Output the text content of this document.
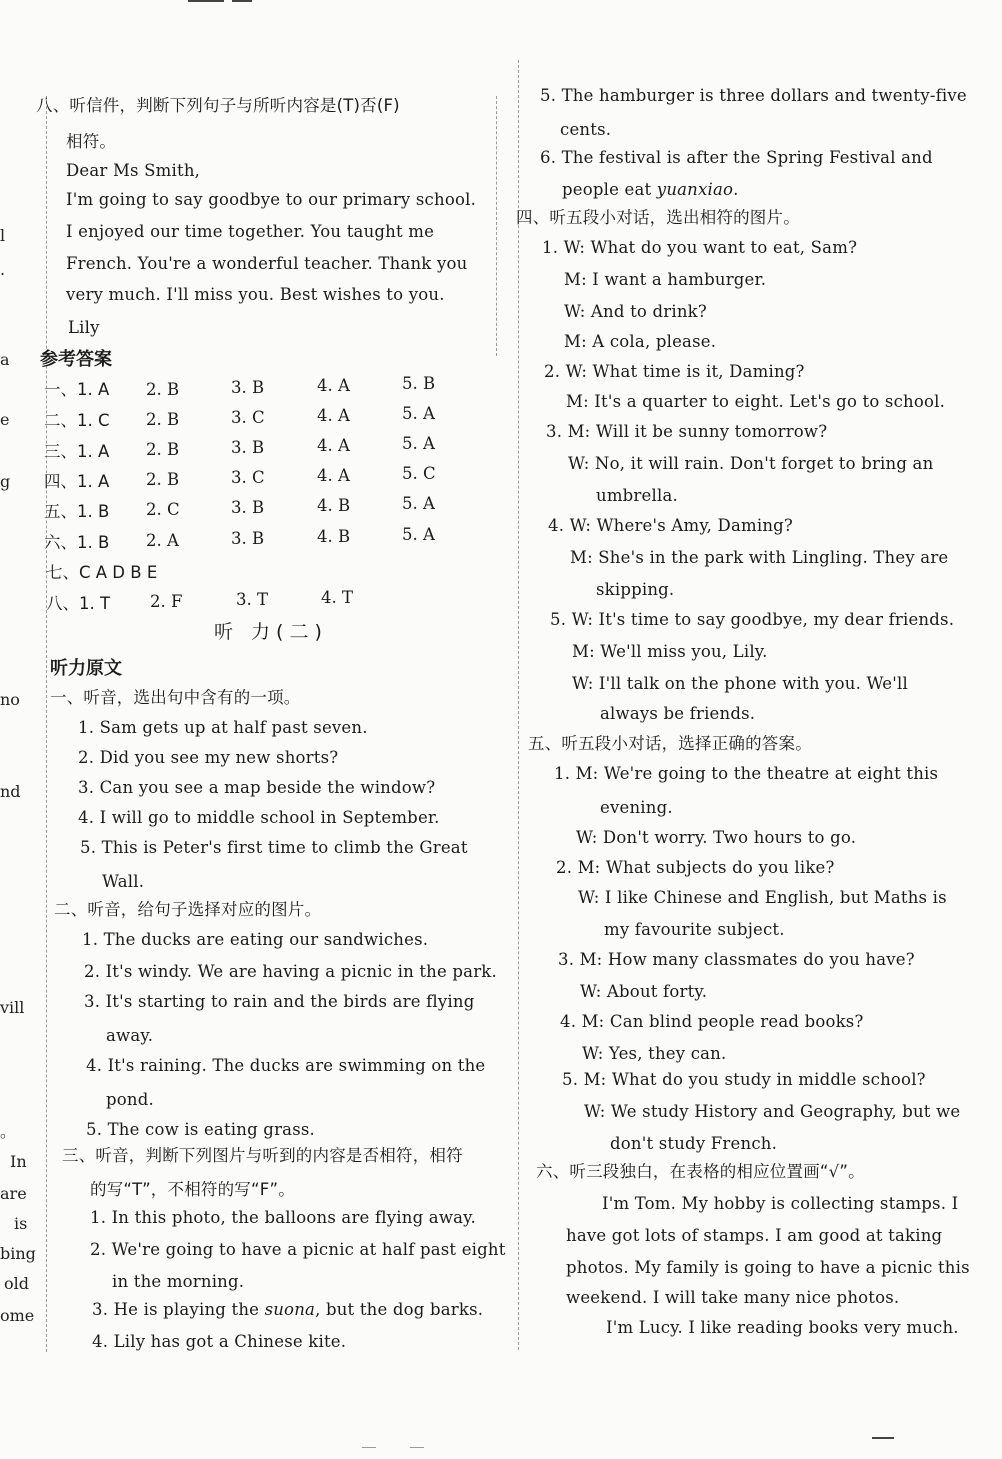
l
.
a
e
g
no
nd
vill
。
In
are
is
bing
old
ome
八、听信件，判断下列句子与所听内容是(T)否(F)
相符。
Dear Ms Smith,
I'm going to say goodbye to our primary school.
I enjoyed our time together. You taught me
French. You're a wonderful teacher. Thank you
very much. I'll miss you. Best wishes to you.
Lily
参考答案
一、1. A 2. B	3. B	4. A	5. B
二、1. C 2. B	3. C	4. A	5. A
三、1. A 2. B	3. B	4. A	5. A
四、1. A 2. B	3. C	4. A	5. C
五、1. B 2. C	3. B	4. B	5. A
六、1. B 2. A	3. B	4. B	5. A
七、C A D B E
八、1. T 2. F	3. T	4. T
听 力(二)
听力原文
一、听音，选出句中含有的一项。
1. Sam gets up at half past seven.
2. Did you see my new shorts?
3. Can you see a map beside the window?
4. I will go to middle school in September.
5. This is Peter's first time to climb the Great
Wall.
二、听音，给句子选择对应的图片。
1. The ducks are eating our sandwiches.
2. It's windy. We are having a picnic in the park.
3. It's starting to rain and the birds are flying
away.
4. It's raining. The ducks are swimming on the
pond.
5. The cow is eating grass.
三、听音，判断下列图片与听到的内容是否相符，相符
的写“T”，不相符的写“F”。
1. In this photo, the balloons are flying away.
2. We're going to have a picnic at half past eight
in the morning.
3. He is playing the suona, but the dog barks.
4. Lily has got a Chinese kite.
5. The hamburger is three dollars and twenty-five
cents.
6. The festival is after the Spring Festival and
people eat yuanxiao.
四、听五段小对话，选出相符的图片。
1. W: What do you want to eat, Sam?
M: I want a hamburger.
W: And to drink?
M: A cola, please.
2. W: What time is it, Daming?
M: It's a quarter to eight. Let's go to school.
3. M: Will it be sunny tomorrow?
W: No, it will rain. Don't forget to bring an
umbrella.
4. W: Where's Amy, Daming?
M: She's in the park with Lingling. They are
skipping.
5. W: It's time to say goodbye, my dear friends.
M: We'll miss you, Lily.
W: I'll talk on the phone with you. We'll
always be friends.
五、听五段小对话，选择正确的答案。
1. M: We're going to the theatre at eight this
evening.
W: Don't worry. Two hours to go.
2. M: What subjects do you like?
W: I like Chinese and English, but Maths is
my favourite subject.
3. M: How many classmates do you have?
W: About forty.
4. M: Can blind people read books?
W: Yes, they can.
5. M: What do you study in middle school?
W: We study History and Geography, but we
don't study French.
六、听三段独白，在表格的相应位置画“√”。
I'm Tom. My hobby is collecting stamps. I
have got lots of stamps. I am good at taking
photos. My family is going to have a picnic this
weekend. I will take many nice photos.
I'm Lucy. I like reading books very much.
